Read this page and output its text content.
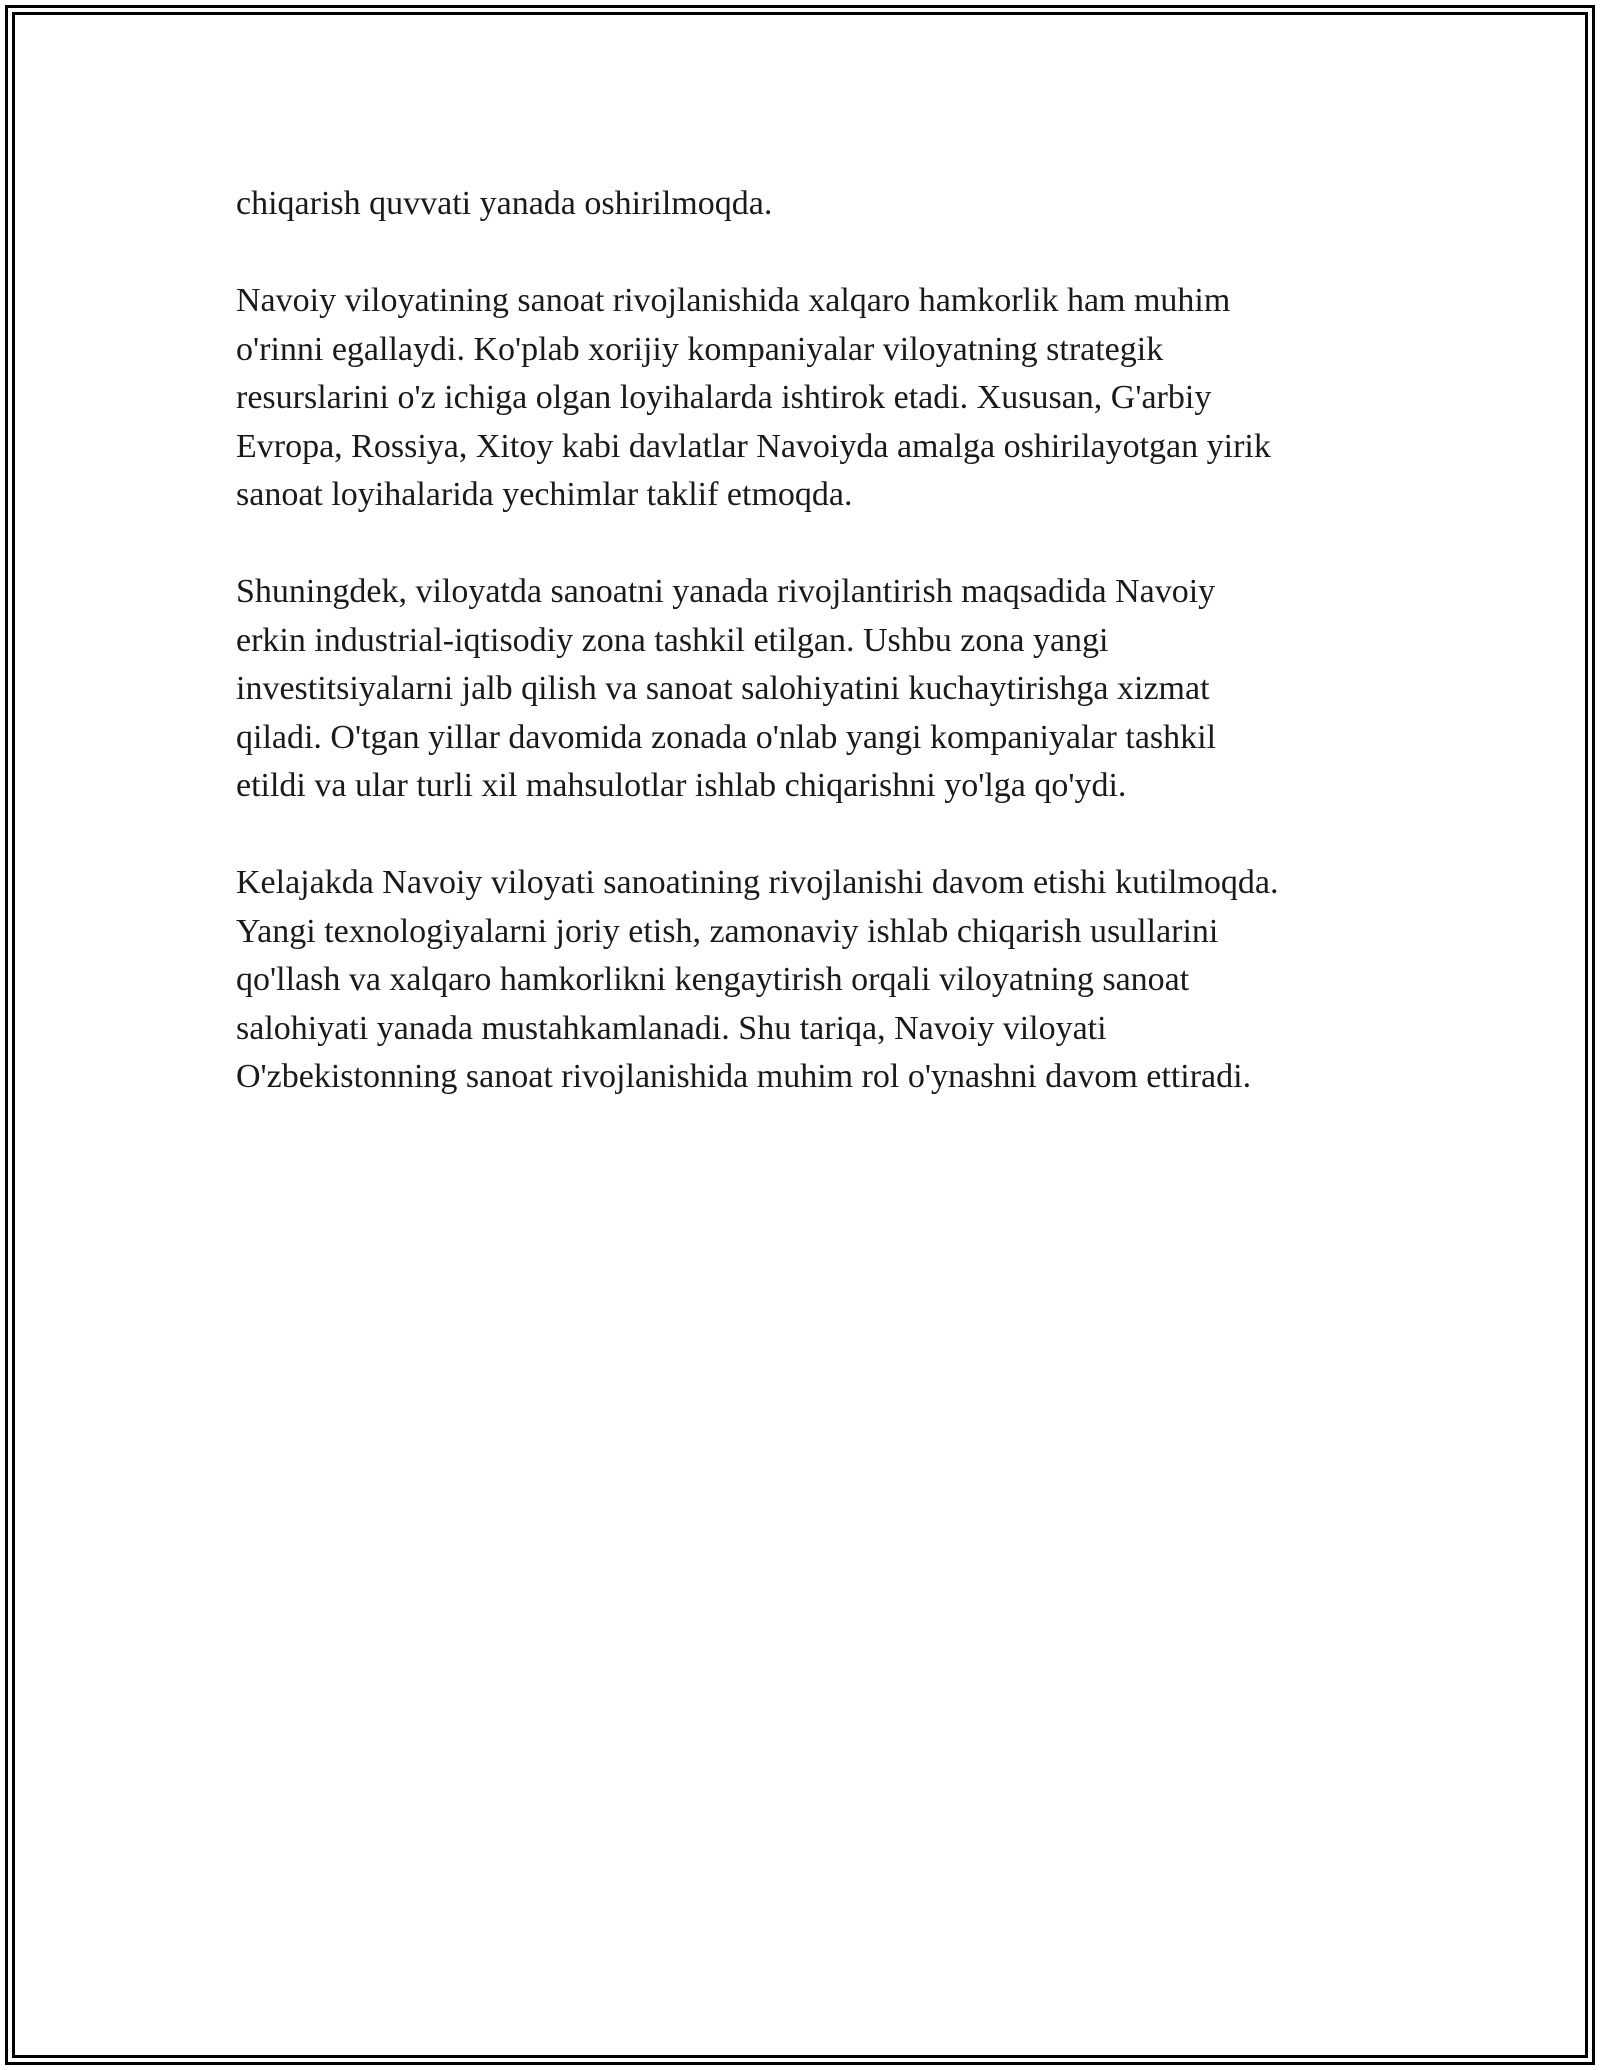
chiqarish quvvati yanada oshirilmoqda.

Navoiy viloyatining sanoat rivojlanishida xalqaro hamkorlik ham muhim
o'rinni egallaydi. Ko'plab xorijiy kompaniyalar viloyatning strategik
resurslarini o'z ichiga olgan loyihalarda ishtirok etadi. Xususan, G'arbiy
Evropa, Rossiya, Xitoy kabi davlatlar Navoiyda amalga oshirilayotgan yirik
sanoat loyihalarida yechimlar taklif etmoqda.

Shuningdek, viloyatda sanoatni yanada rivojlantirish maqsadida Navoiy
erkin industrial-iqtisodiy zona tashkil etilgan. Ushbu zona yangi
investitsiyalarni jalb qilish va sanoat salohiyatini kuchaytirishga xizmat
qiladi. O'tgan yillar davomida zonada o'nlab yangi kompaniyalar tashkil
etildi va ular turli xil mahsulotlar ishlab chiqarishni yo'lga qo'ydi.

Kelajakda Navoiy viloyati sanoatining rivojlanishi davom etishi kutilmoqda.
Yangi texnologiyalarni joriy etish, zamonaviy ishlab chiqarish usullarini
qo'llash va xalqaro hamkorlikni kengaytirish orqali viloyatning sanoat
salohiyati yanada mustahkamlanadi. Shu tariqa, Navoiy viloyati
O'zbekistonning sanoat rivojlanishida muhim rol o'ynashni davom ettiradi.
